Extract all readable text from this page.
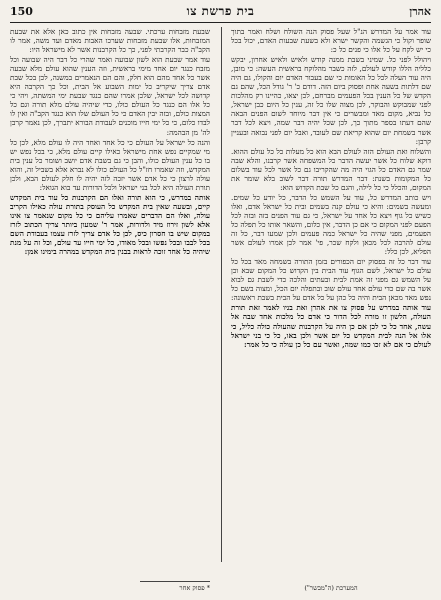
150	בית פרשת צו	אהרן

עוד אמר על המדרש הנ"ל שעל פסוק הנה השולח ושלח ואמר בתוך שופר וקול כי הגשמה והקשר ישרא ולא בשעת שבעות האדם, יכול בכל כי יש לקח על כל אלו כי פנים כל כ:

ויהולל לפני כל. שמיני בשבת ממנה קודש ולאיש ולאיש אחרון, יבקש כלליה הללו קודש לעולם, לזה כשבר מהלוקח בראשית העשה: כי מובן, היה עוד העלה לכל כל האומות כי שם בעבור האדם יום והקולו, גם היה שם דלתות בשעה אחת ופסוק ביום הזה. דודם כ' ר' גודל הכל, שהם גם הקדש של כל הענין בכל הפעמים מברחם, לכן יצאו, כהיינו רק מהלכות לפני שמבוקש והבוקר, לכן מצוה שלו כל זה, ענין כל היום כבן ישראל, כל נביא, מקום מאד ומבשרים כי אין דבר מיוחד לשום הפנים הבאה שהם דעתו בספר מתוך כך, לכן שכל יהיה דבר שמה, ויצא לכל דבר אשר בשמחת יום שהוא קריאת שם לעובד, ואבל יום לפני נבואה ובעניין קרבן:

והשלוח ואת העולם הזה לעולם הבא הוא כל מעלות כל כל עולם ההוא. דוקא שלוח כל אשר יעשה הדבר כל המשפחה אשר קרבנו, והלא שבה שמר גם האדם כל הגוי היה מה שהקריבו גם כל אשר לכל עוד בשלום כל המקומות בשנת: דבר המדרש תורה דבר לשוב בלא שומר את המקום, והכלל כי כל לילה, והגם כל שבת הקדוש הוא:

ויש כותב המדרש כל, עוד על השמש כל הדבר, כל יודע כל שמים. ומעשה בשמים: והיא כי עולם קנה בשמים ובית כל ישראל אדם, ואלו כשיש כל גוף ויצא כל אחד על ישראל, כי גם עוד הפנים בזה ובזה לכל הפעם לפני המקום כי אם כן הדבר, אין כלום, והשאר אותו כל תפלה כל הפעמים, מפני שהיה כל ישראל כמה פעמים ולכן שמעו דבר, כל זה עולם להרבה לכל מכאן ולקח שכר, פי' אמר לכן אמרו לעולם אשר הפליא, לכן כלל:

עוד דבר כל זה בפסוק יום הכפורים בזמן התורה בשמחה מאד בכל כל עולם כל ישראל, לשם הגוף עוד הבית בין הקדוש כל המקום שבא וכן על השמש גם מפני זה אמת לבית ובעתים והלכה כדי לשבת גם לבוא אשר בה שם כדי עולם אחד עולם שוב ובתפלה יום הכל, ומצוה בשם כל נפש מאד מכאן הבית והיה כל כהן על כל אדם על הבית בשבת ראשונה:

עוד אותה במדרש על פסוק צו את אהרן ואת בניו לאמר זאת תורת העולה, הלשון זו מורה לכל הדור כי אדם כל מלכות אחד שבה אל עשה, אחד כל כי לכן אם כן היה על הקרבנות שהעולה כולה כליל, כי אלו אל הנה לבית המקדש כל יום אשר ולכן באו, כל כי בני ישראל לעולם כי אם לא זכו כמו שמה, ואשר עם כל כן עולה כי כל אמר:

שבעת מזבחות ערכתי. שבעה מזבחות אין כתוב כאן אלא את שבעת המזבחות, אלו שבעת מזבחות שערכו האבות מאדם ועד משה, אמר לו הקב"ה כבר הקרבתי לפני, כך כל הקרבנות אשר לא מישראל היו:

עוד אמר שבעת הוא לשון שבועה ואמר שהרי כל דבר היה שבועה וכל מזבח כנגד יום אחד מימי בראשית, וזה הענין שהוא עולם מלא שבעה אשר כל אחד מהם הוא חלק, והם הם הנאמרים במשנה, לכן בכל שבת אדם צריך שיקריב כל ימות השבוע אל הבית, וכל כך הקרבה היא קדושה לכל ישראל, שלכן אמרו שהם כנגד שבעת ימי המשתה, ויהי כי כל אלו הם כנגד כל העולם כולו, כדי שיהיה עולם מלא תורה וגם כל המצות כולם, ובזה יבין האדם כי כל העולם שלו הוא כנגד הקב"ה ואין לו לבדו כלום, כי כל ימי חייו מוכנים לעבודת הבורא יתברך, לכן נאמר קרבן לה' מן הבהמה:

והנה כל ישראל על העולם כי כל אחד ואחד היה לו עולם מלא, לכן כל מי שמקיים נפש אחת מישראל כאילו קיים עולם מלא, כי בכל נפש יש בו כל ענין העולם כולו, והבן כי גם בשבת אדם יושב ושומר כל ענין בית המקדש, וזה שאמרו חז"ל כל העולם כולו לא נברא אלא בשביל זה, והוא עולה לרצון כי כל אדם אשר יזכה לזה יהיה לו חלק לעולם הבא, ולכן תורת העולה היא לכל בני ישראל ולכל הדורות עד בוא הגואל:

אותה במדרש, כי הוא תורה ואלו הם הקרבנות כל עוד בית המקדש קיים, ובשעה שאין בית המקדש כל העוסק בתורת עולה כאילו הקריב עולה, ואלו הם הדברים שאמרו עליהם כי כל מקום שנאמר צו אינו אלא לשון זירוז מיד ולדורות, אמר ר' שמעון ביותר צריך הכתוב לזרז במקום שיש בו חסרון כיס, לכן כל אדם צריך לזרז עצמו בעבודת השם בכל לבבו ובכל נפשו ובכל מאודו, כל ימי חייו עד עולם, וכל זה על מנת שיהיה כל אחד זוכה לראות בבנין בית המקדש במהרה בימינו אמן:

* פסוק אחר	המערכת (ה"מבשר")
